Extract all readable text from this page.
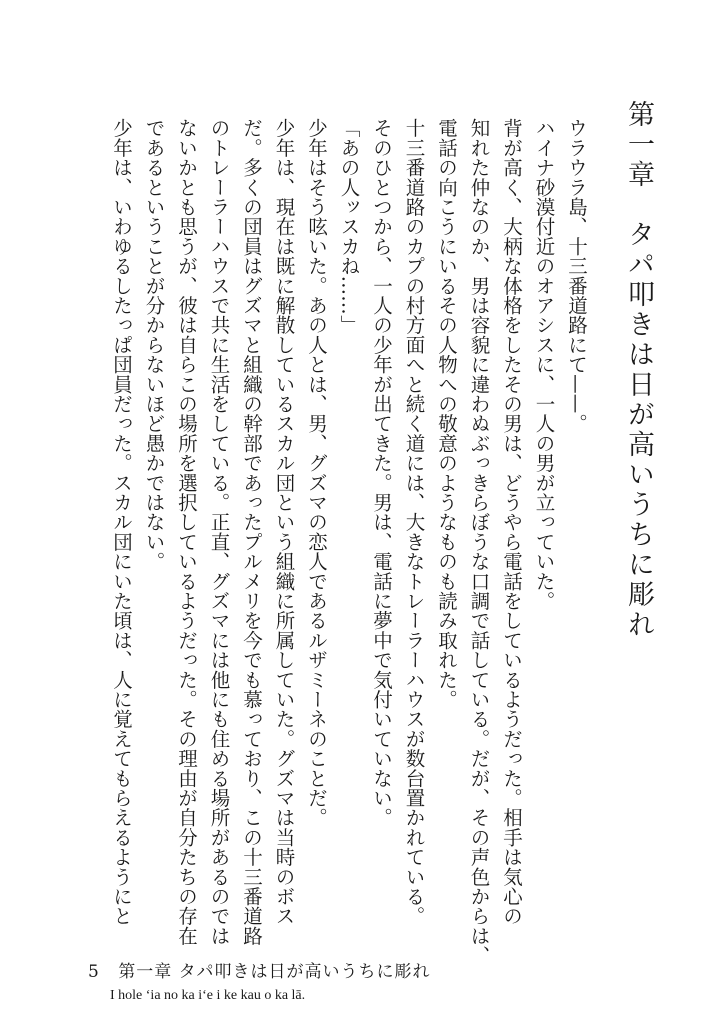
第一章　タパ叩きは日が高いうちに彫れ

ウラウラ島、十三番道路にて——。

ハイナ砂漠付近のオアシスに、一人の男が立っていた。

背が高く、大柄な体格をしたその男は、どうやら電話をしているようだった。相手は気心の

知れた仲なのか、男は容貌に違わぬぶっきらぼうな口調で話している。だが、その声色からは、

電話の向こうにいるその人物への敬意のようなものも読み取れた。

十三番道路のカプの村方面へと続く道には、大きなトレーラーハウスが数台置かれている。

そのひとつから、一人の少年が出てきた。男は、電話に夢中で気付いていない。

「あの人ッスカね……」

少年はそう呟いた。あの人とは、男、グズマの恋人であるルザミーネのことだ。

少年は、現在は既に解散しているスカル団という組織に所属していた。グズマは当時のボス

だ。多くの団員はグズマと組織の幹部であったプルメリを今でも慕っており、この十三番道路

のトレーラーハウスで共に生活をしている。正直、グズマには他にも住める場所があるのでは

ないかとも思うが、彼は自らこの場所を選択しているようだった。その理由が自分たちの存在

であるということが分からないほど愚かではない。

少年は、いわゆるしたっぱ団員だった。スカル団にいた頃は、人に覚えてもらえるようにと

5 第一章 タパ叩きは日が高いうちに彫れ
I hole ‘ia no ka i‘e i ke kau o ka lā.
